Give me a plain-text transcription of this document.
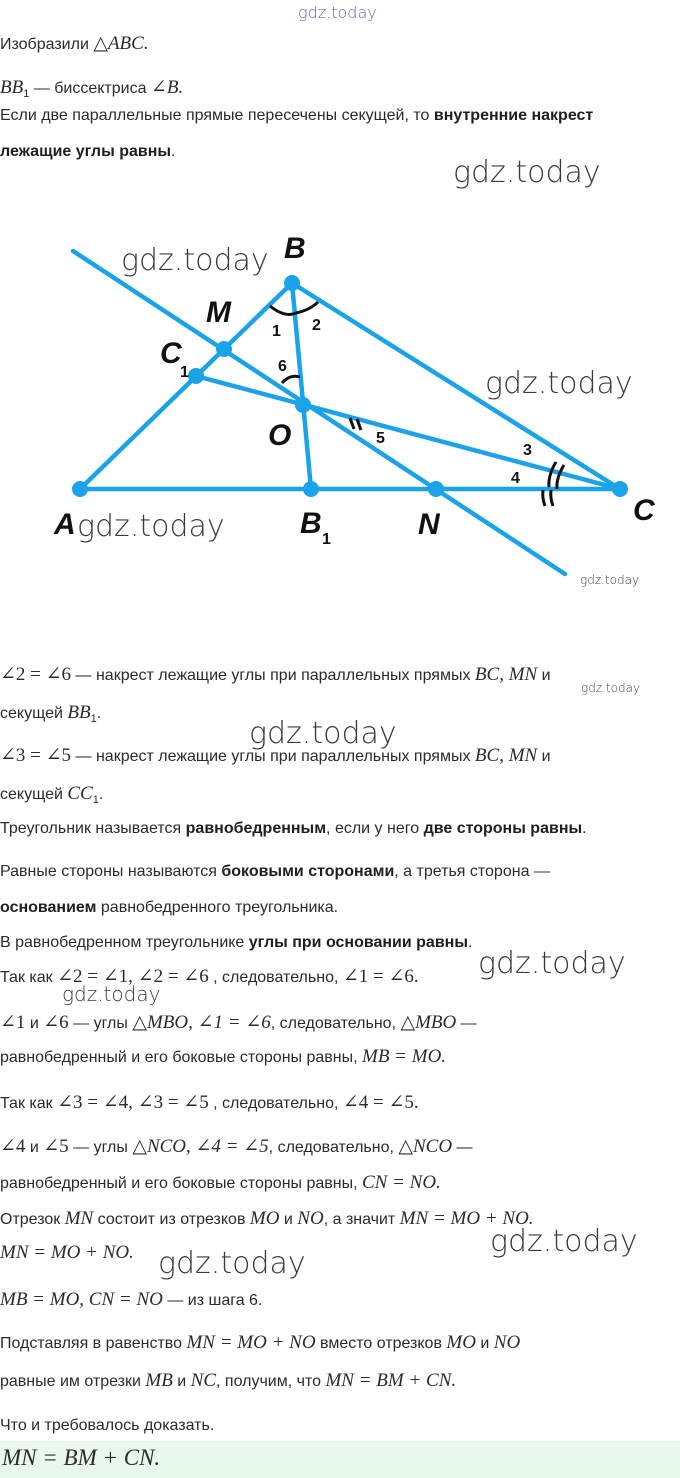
gdz.today
gdz.today
Изобразили △ABC.
$BB_1$ — биссектриса ∠B.
Если две параллельные прямые пересечены секущей, то внутренние накрест
лежащие углы равны.
B
M
C
1
O
A	B 1	N	C
1 2
3
4
5
6
gdz.today
gdz.today
gdz.today
gdz.today
∠2 = ∠6 — накрест лежащие углы при параллельных прямых BC, MN и
gdz.today
секущей $BB_1$.
gdz.today
∠3 = ∠5 — накрест лежащие углы при параллельных прямых BC, MN и
секущей $CC_1$.
Треугольник называется равнобедренным, если у него две стороны равны.
Равные стороны называются боковыми сторонами, а третья сторона —
основанием равнобедренного треугольника.
В равнобедренном треугольнике углы при основании равны.
Так как ∠2 = ∠1, ∠2 = ∠6 , следовательно, ∠1 = ∠6. gdz.today
gdz.today
∠1 и ∠6 — углы △MBO, ∠1 = ∠6, следовательно, △MBO —
равнобедренный и его боковые стороны равны, MB = MO.
Так как ∠3 = ∠4, ∠3 = ∠5 , следовательно, ∠4 = ∠5.
∠4 и ∠5 — углы △NCO, ∠4 = ∠5, следовательно, △NCO —
равнобедренный и его боковые стороны равны, CN = NO.
Отрезок MN состоит из отрезков MO и NO, а значит MN = MO + NO.
gdz.today
MN = MO + NO. gdz.today
MB = MO, CN = NO — из шага 6.
Подставляя в равенство MN = MO + NO вместо отрезков MO и NO
равные им отрезки MB и NC, получим, что MN = BM + CN.
Что и требовалось доказать.
MN = BM + CN.
